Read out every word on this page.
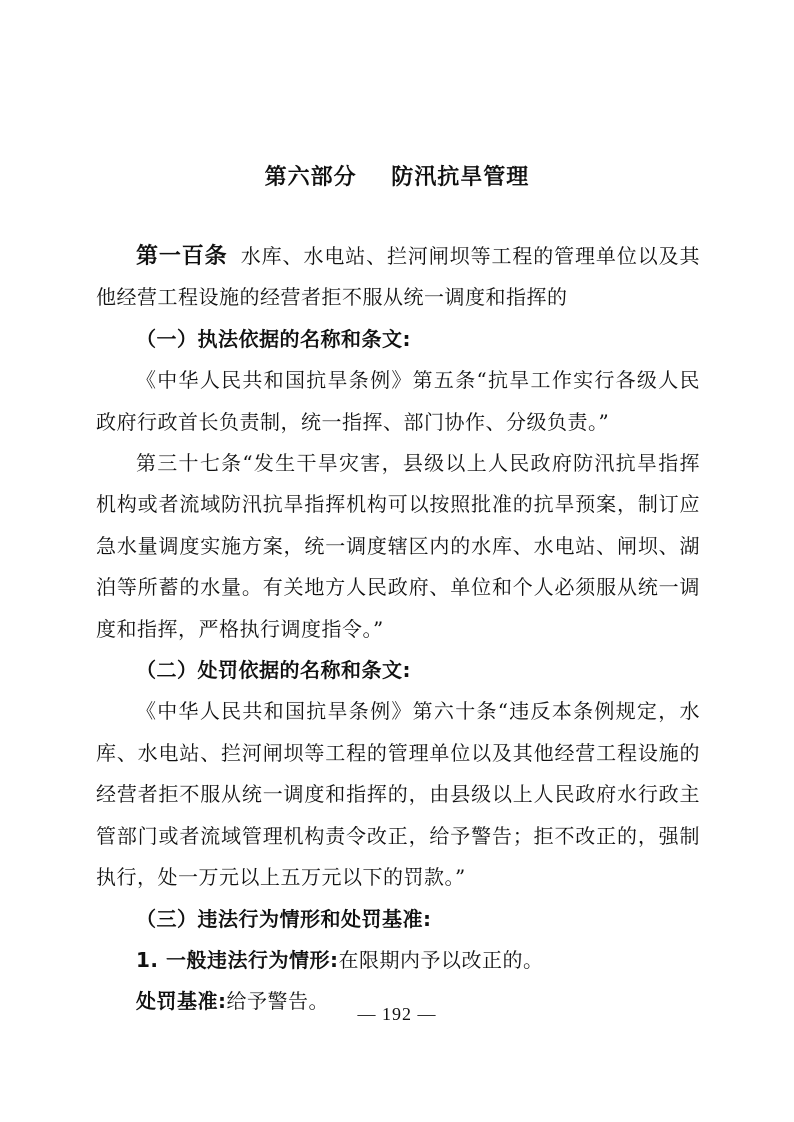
第六部分    防汛抗旱管理

第一百条 水库、水电站、拦河闸坝等工程的管理单位以及其他经营工程设施的经营者拒不服从统一调度和指挥的

（一）执法依据的名称和条文:

《中华人民共和国抗旱条例》第五条“抗旱工作实行各级人民政府行政首长负责制，统一指挥、部门协作、分级负责。”

第三十七条“发生干旱灾害，县级以上人民政府防汛抗旱指挥机构或者流域防汛抗旱指挥机构可以按照批准的抗旱预案，制订应急水量调度实施方案，统一调度辖区内的水库、水电站、闸坝、湖泊等所蓄的水量。有关地方人民政府、单位和个人必须服从统一调度和指挥，严格执行调度指令。”

（二）处罚依据的名称和条文:

《中华人民共和国抗旱条例》第六十条“违反本条例规定，水库、水电站、拦河闸坝等工程的管理单位以及其他经营工程设施的经营者拒不服从统一调度和指挥的，由县级以上人民政府水行政主管部门或者流域管理机构责令改正，给予警告；拒不改正的，强制执行，处一万元以上五万元以下的罚款。”

（三）违法行为情形和处罚基准:

1. 一般违法行为情形:在限期内予以改正的。

处罚基准:给予警告。

— 192 —
